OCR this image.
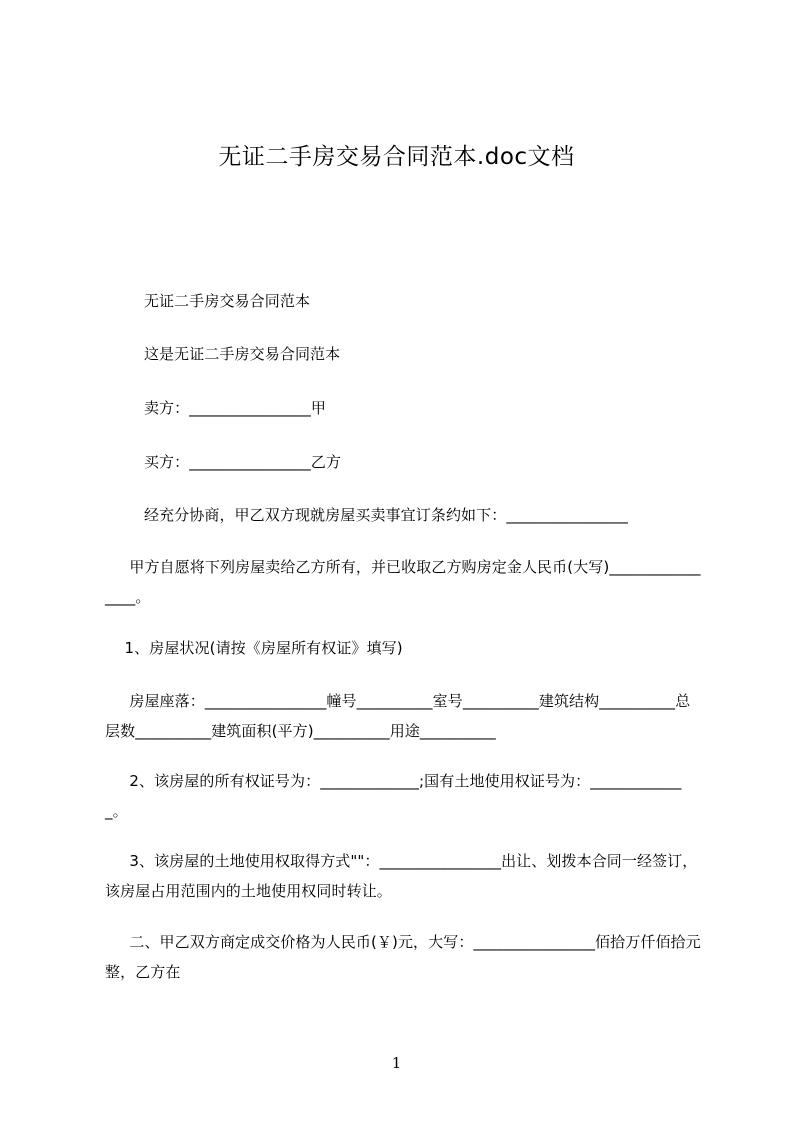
无证二手房交易合同范本.doc文档
无证二手房交易合同范本
这是无证二手房交易合同范本
卖方：________________甲
买方：________________乙方
经充分协商，甲乙双方现就房屋买卖事宜订条约如下：________________
甲方自愿将下列房屋卖给乙方所有，并已收取乙方购房定金人民币(大写)________________。
1、房屋状况(请按《房屋所有权证》填写)
房屋座落：________________幢号__________室号__________建筑结构__________总层数__________建筑面积(平方)__________用途__________
2、该房屋的所有权证号为：_____________;国有土地使用权证号为：_____________。
3、该房屋的土地使用权取得方式""：________________出让、划拨本合同一经签订，该房屋占用范围内的土地使用权同时转让。
二、甲乙双方商定成交价格为人民币(￥)元，大写：________________佰拾万仟佰拾元整，乙方在
1
